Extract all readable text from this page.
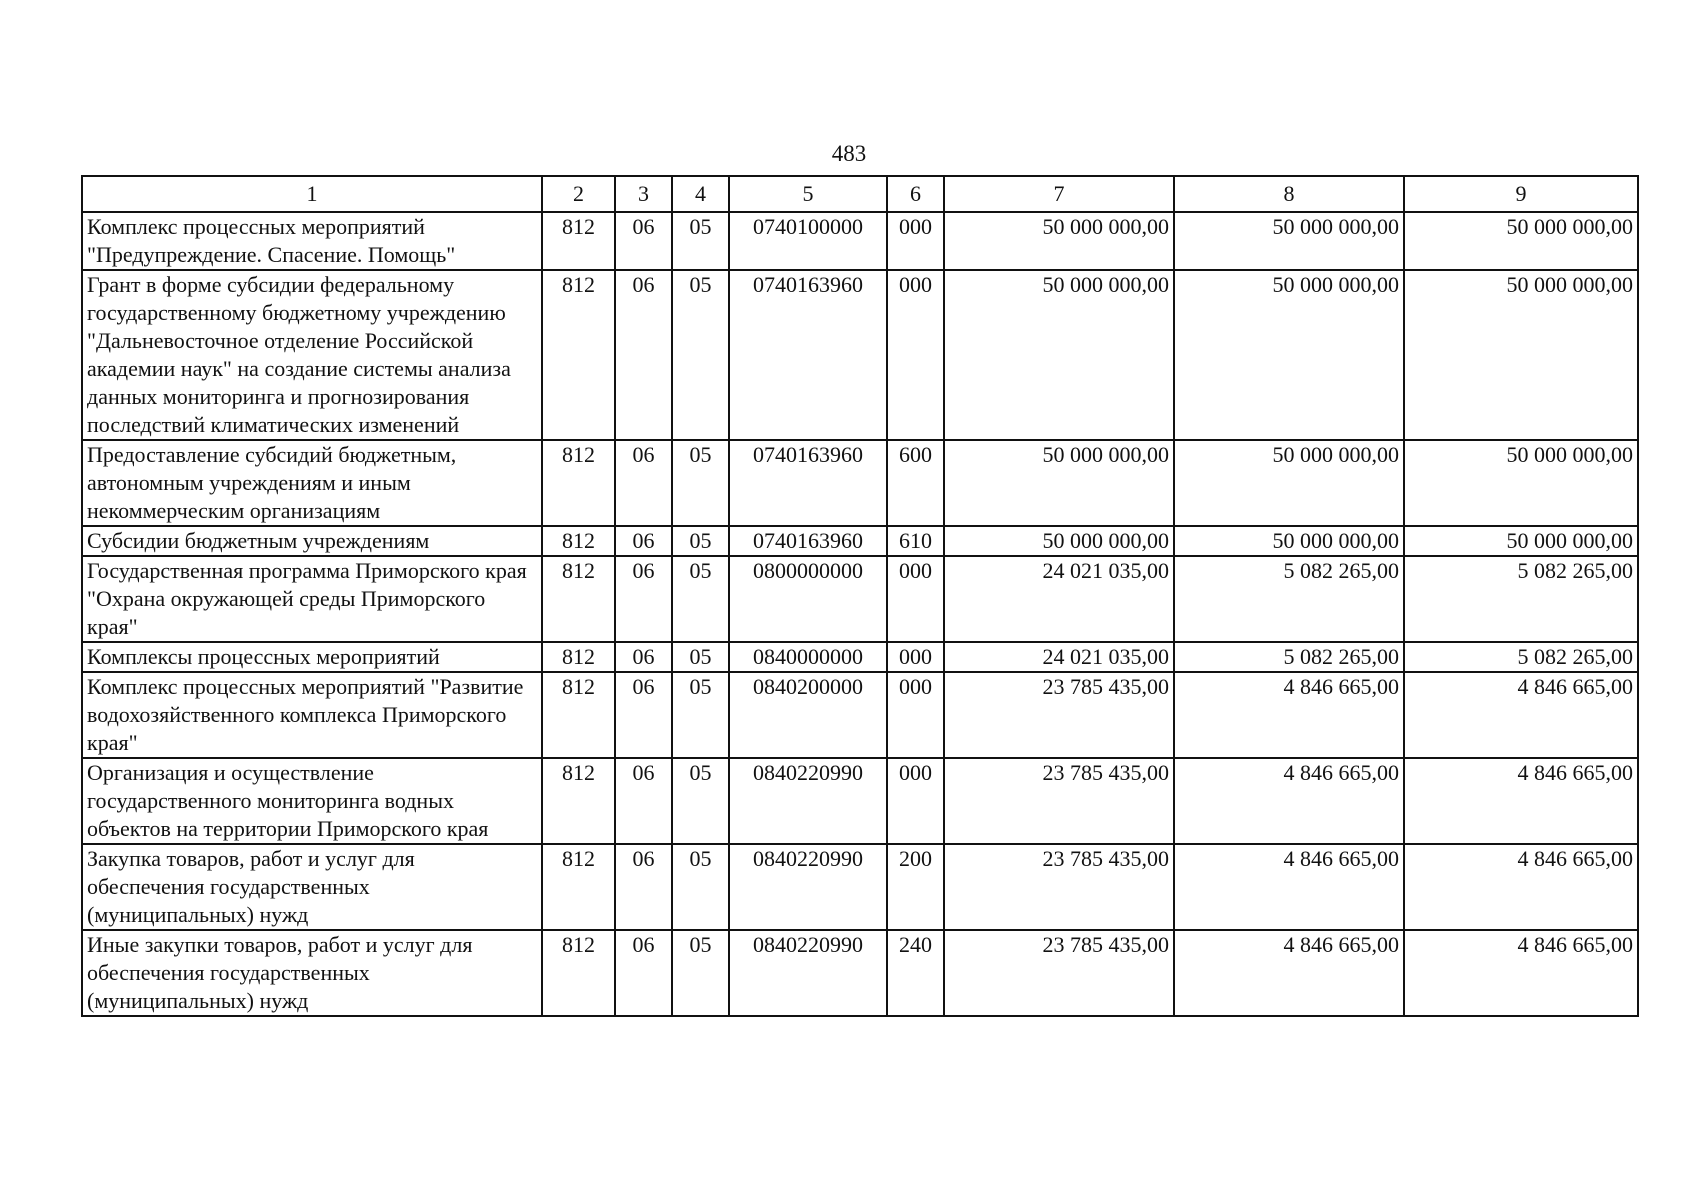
483
1	2	3	4	5	6	7	8	9
Комплекс процессных мероприятий "Предупреждение. Спасение. Помощь"	812	06	05	0740100000	000	50 000 000,00	50 000 000,00	50 000 000,00
Грант в форме субсидии федеральному государственному бюджетному учреждению "Дальневосточное отделение Российской академии наук" на создание системы анализа данных мониторинга и прогнозирования последствий климатических изменений	812	06	05	0740163960	000	50 000 000,00	50 000 000,00	50 000 000,00
Предоставление субсидий бюджетным, автономным учреждениям и иным некоммерческим организациям	812	06	05	0740163960	600	50 000 000,00	50 000 000,00	50 000 000,00
Субсидии бюджетным учреждениям	812	06	05	0740163960	610	50 000 000,00	50 000 000,00	50 000 000,00
Государственная программа Приморского края "Охрана окружающей среды Приморского края"	812	06	05	0800000000	000	24 021 035,00	5 082 265,00	5 082 265,00
Комплексы процессных мероприятий	812	06	05	0840000000	000	24 021 035,00	5 082 265,00	5 082 265,00
Комплекс процессных мероприятий "Развитие водохозяйственного комплекса Приморского края"	812	06	05	0840200000	000	23 785 435,00	4 846 665,00	4 846 665,00
Организация и осуществление государственного мониторинга водных объектов на территории Приморского края	812	06	05	0840220990	000	23 785 435,00	4 846 665,00	4 846 665,00
Закупка товаров, работ и услуг для обеспечения государственных (муниципальных) нужд	812	06	05	0840220990	200	23 785 435,00	4 846 665,00	4 846 665,00
Иные закупки товаров, работ и услуг для обеспечения государственных (муниципальных) нужд	812	06	05	0840220990	240	23 785 435,00	4 846 665,00	4 846 665,00
